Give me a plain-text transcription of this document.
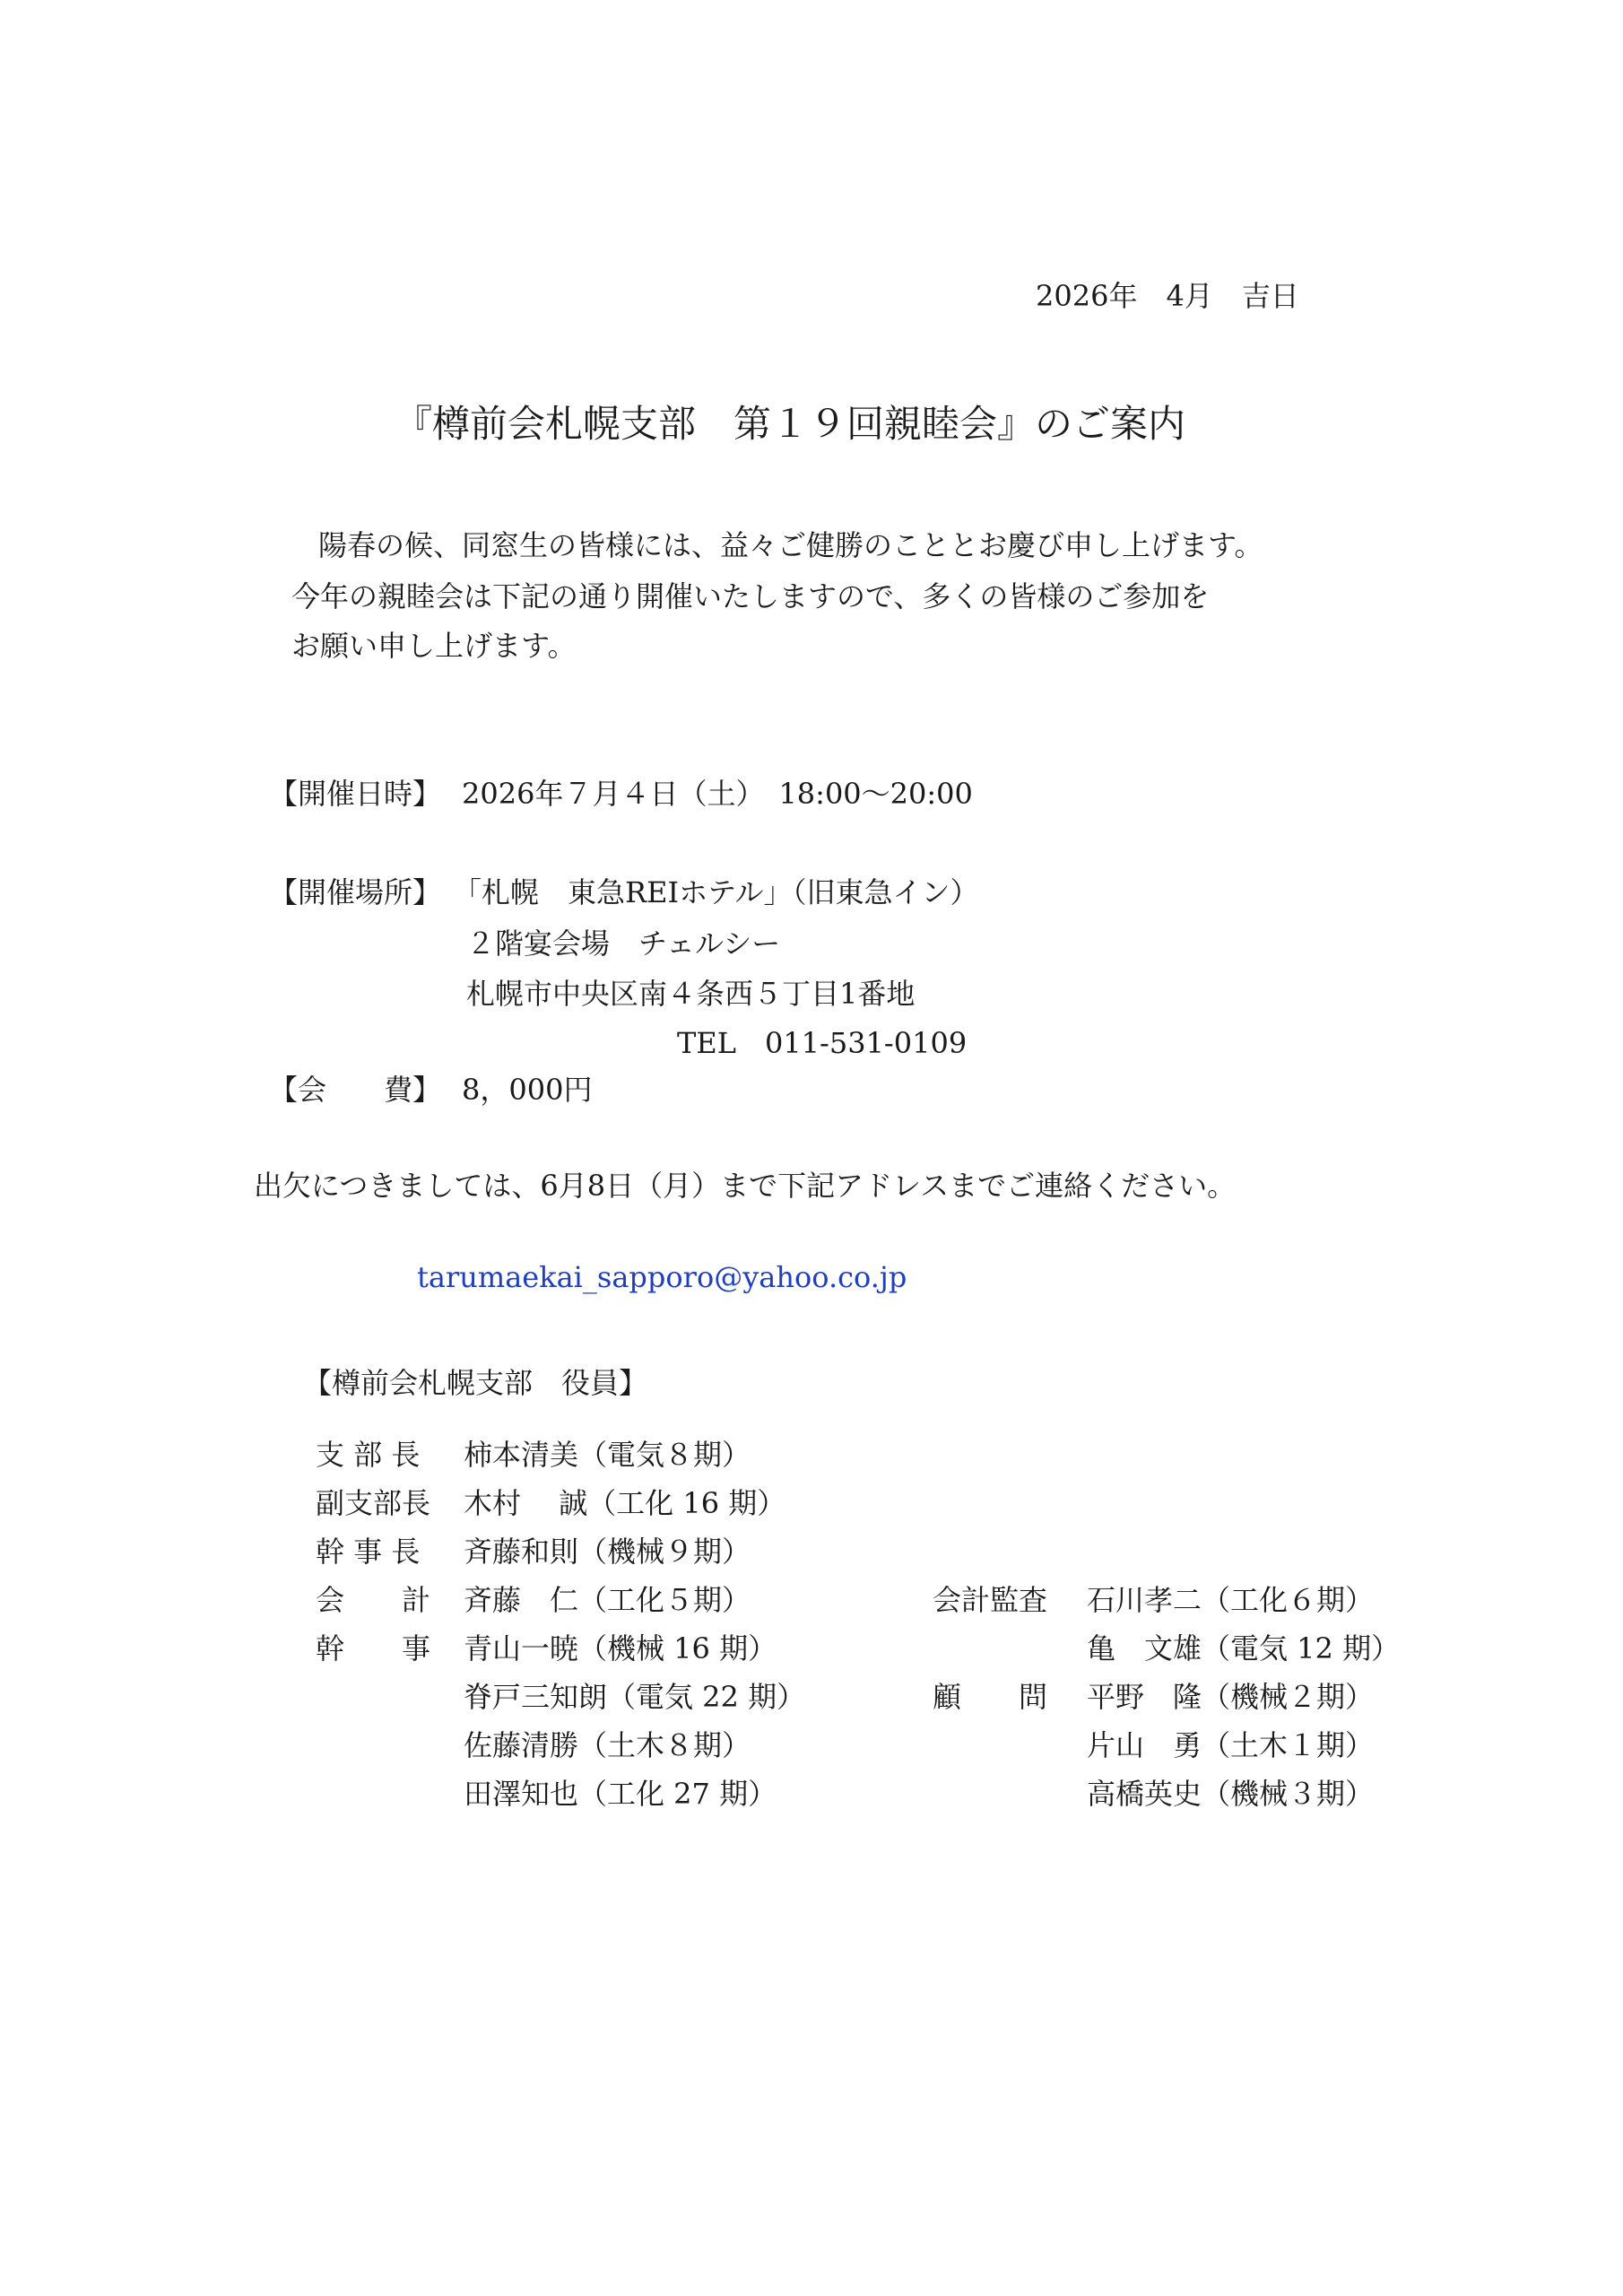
2026年　4月　吉日
『樽前会札幌支部　第１９回親睦会』のご案内
陽春の候、同窓生の皆様には、益々ご健勝のこととお慶び申し上げます。
今年の親睦会は下記の通り開催いたしますので、多くの皆様のご参加を
お願い申し上げます。
【開催日時】 2026年７月４日（土）　18:00～20:00
【開催場所】 「札幌　東急REIホテル」（旧東急イン）
２階宴会場　チェルシー
札幌市中央区南４条西５丁目1番地
TEL　011-531-0109
【会　　費】 8，000円
出欠につきましては、6月8日（月）まで下記アドレスまでご連絡ください。
tarumaekai_sapporo@yahoo.co.jp
【樽前会札幌支部　役員】
支 部 長 柿本清美（電気８期）
副支部長 木村　 誠（工化 16 期）
幹 事 長 斉藤和則（機械９期）
会　　計 斉藤　仁（工化５期）
幹　　事 青山一暁（機械 16 期）
脊戸三知朗（電気 22 期）
佐藤清勝（土木８期）
田澤知也（工化 27 期）
会計監査 石川孝二（工化６期）
亀　文雄（電気 12 期）
顧　　問 平野　隆（機械２期）
片山　勇（土木１期）
高橋英史（機械３期）
